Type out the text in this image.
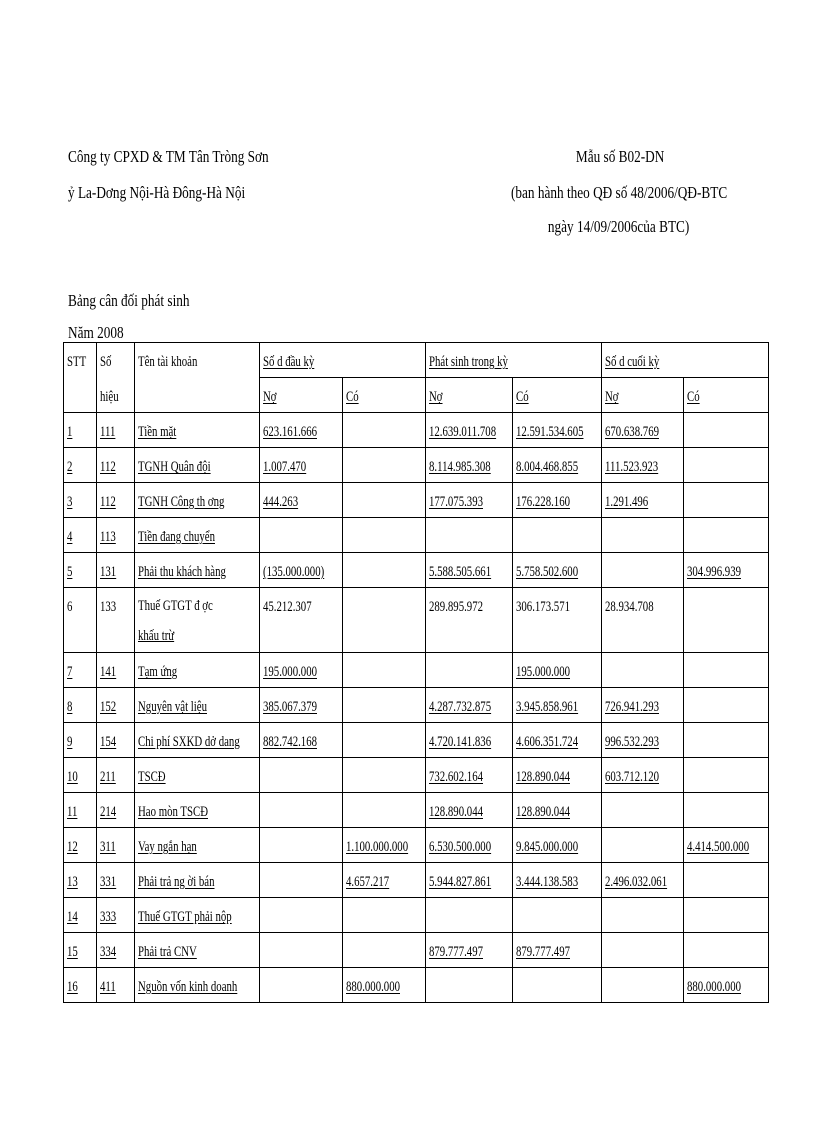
Công ty CPXD & TM Tân Tròng Sơn
ỷ La-Dơng Nội-Hà Đông-Hà Nội
Mẫu số B02-DN
(ban hành theo QĐ số 48/2006/QĐ-BTC
ngày 14/09/2006của BTC)
Bảng cân đối phát sinh
Năm 2008
STT	Số	Tên tài khoản	Số d đầu kỳ		Phát sinh trong kỳ		Số d cuối kỳ	
	hiệu		Nợ	Có	Nợ	Có	Nợ	Có
1	111	Tiền mặt	623.161.666		12.639.011.708	12.591.534.605	670.638.769	
2	112	TGNH Quân đội	1.007.470		8.114.985.308	8.004.468.855	111.523.923	
3	112	TGNH Công th ơng	444.263		177.075.393	176.228.160	1.291.496	
4	113	Tiền đang chuyển						
5	131	Phải thu khách hàng	(135.000.000)		5.588.505.661	5.758.502.600		304.996.939
6	133	Thuế GTGT đ ợc
khấu trừ	45.212.307		289.895.972	306.173.571	28.934.708	
7	141	Tạm ứng	195.000.000			195.000.000		
8	152	Nguyên vật liệu	385.067.379		4.287.732.875	3.945.858.961	726.941.293	
9	154	Chi phí SXKD dở dang	882.742.168		4.720.141.836	4.606.351.724	996.532.293	
10	211	TSCĐ			732.602.164	128.890.044	603.712.120	
11	214	Hao mòn TSCĐ			128.890.044	128.890.044		
12	311	Vay ngắn hạn		1.100.000.000	6.530.500.000	9.845.000.000		4.414.500.000
13	331	Phải trả ng ời bán		4.657.217	5.944.827.861	3.444.138.583	2.496.032.061	
14	333	Thuế GTGT phải nộp						
15	334	Phải trả CNV			879.777.497	879.777.497		
16	411	Nguồn vốn kinh doanh		880.000.000				880.000.000
